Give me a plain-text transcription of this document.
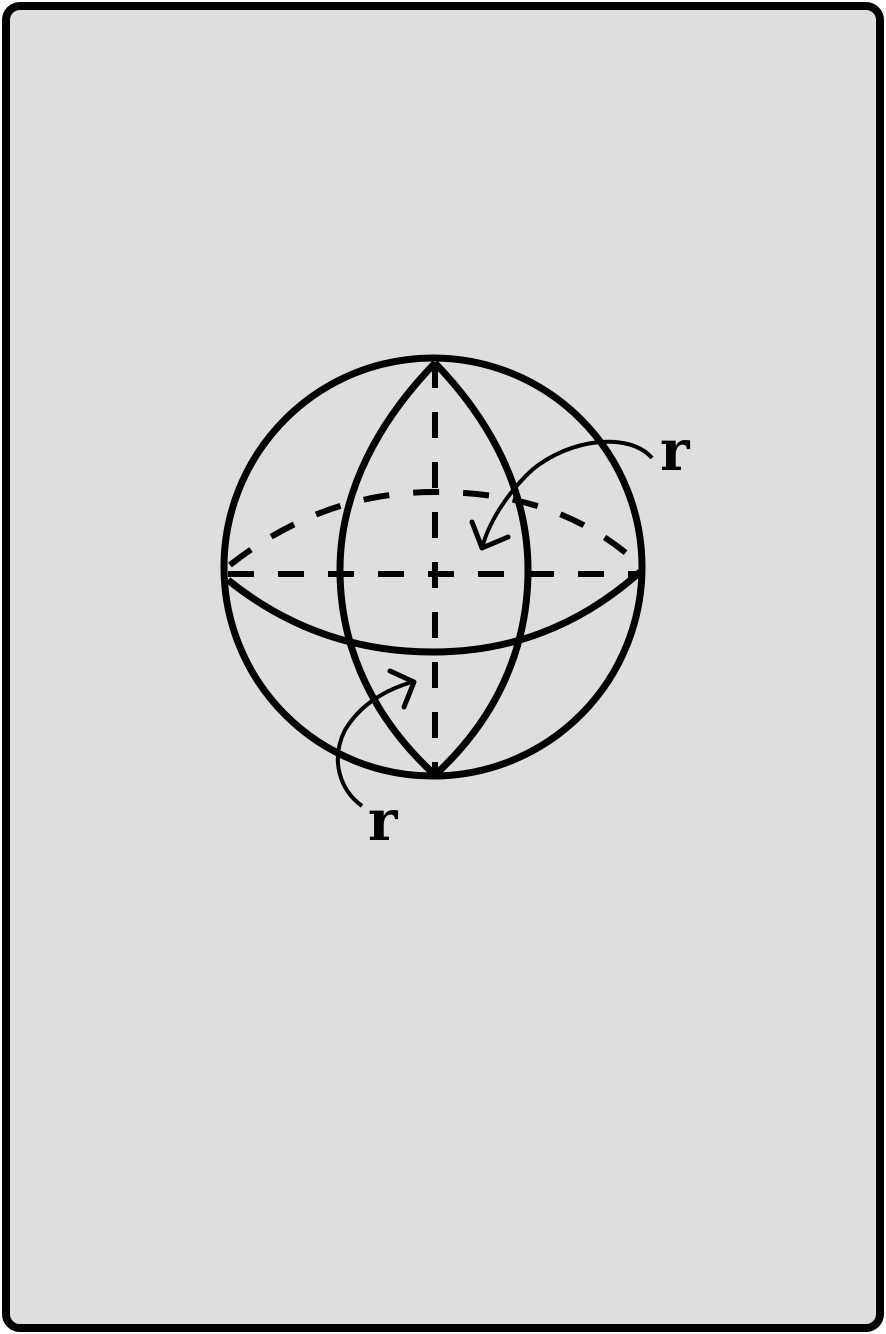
r
r
